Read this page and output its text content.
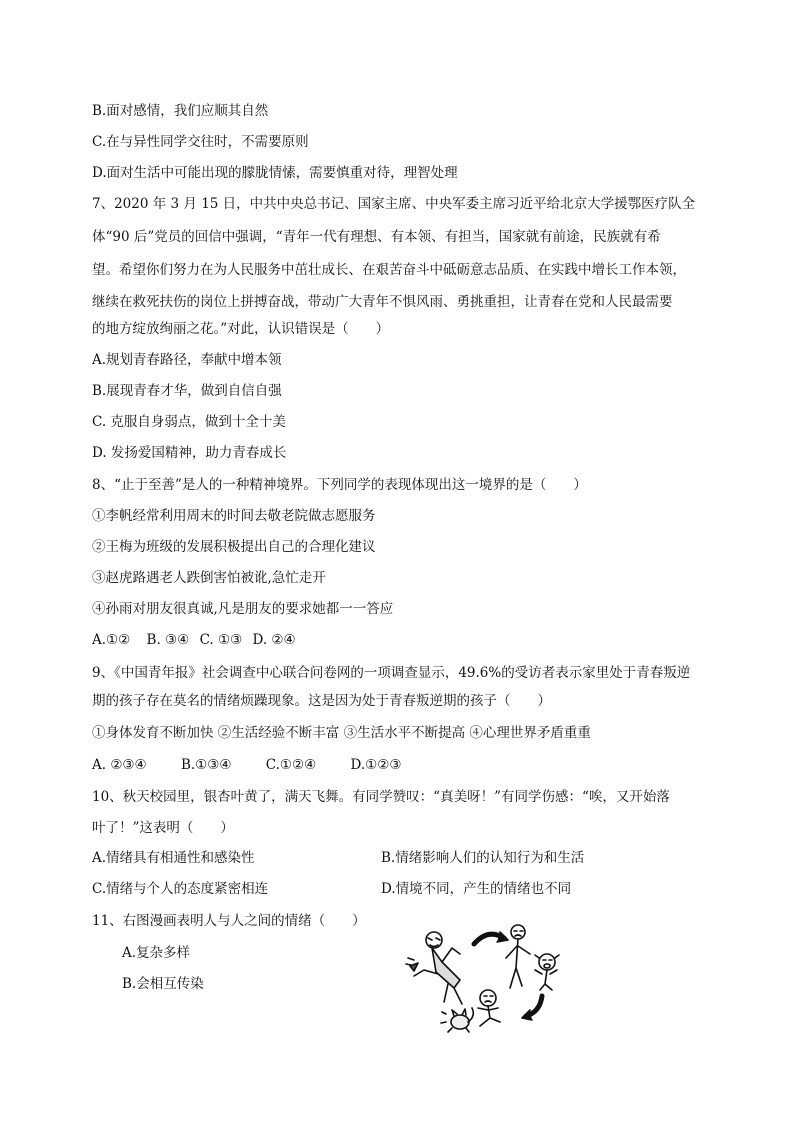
B.面对感情，我们应顺其自然
C.在与异性同学交往时，不需要原则
D.面对生活中可能出现的朦胧情愫，需要慎重对待，理智处理
7、2020 年 3 月 15 日，中共中央总书记、国家主席、中央军委主席习近平给北京大学援鄂医疗队全
体“90 后”党员的回信中强调，“青年一代有理想、有本领、有担当，国家就有前途，民族就有希
望。希望你们努力在为人民服务中茁壮成长、在艰苦奋斗中砥砺意志品质、在实践中增长工作本领，
继续在救死扶伤的岗位上拼搏奋战，带动广大青年不惧风雨、勇挑重担，让青春在党和人民最需要
的地方绽放绚丽之花。”对此，认识错误是（　　）
A.规划青春路径，奉献中增本领
B.展现青春才华，做到自信自强
C. 克服自身弱点，做到十全十美
D. 发扬爱国精神，助力青春成长
8、“止于至善”是人的一种精神境界。下列同学的表现体现出这一境界的是（　　）
①李帆经常利用周末的时间去敬老院做志愿服务
②王梅为班级的发展积极提出自己的合理化建议
③赵虎路遇老人跌倒害怕被讹,急忙走开
④孙雨对朋友很真诚,凡是朋友的要求她都一一答应
A.①② B. ③④ C. ①③ D. ②④
9、《中国青年报》社会调查中心联合问卷网的一项调查显示，49.6%的受访者表示家里处于青春叛逆
期的孩子存在莫名的情绪烦躁现象。这是因为处于青春叛逆期的孩子（　　）
①身体发育不断加快 ②生活经验不断丰富 ③生活水平不断提高 ④心理世界矛盾重重
A. ②③④	B.①③④	C.①②④	D.①②③
10、秋天校园里，银杏叶黄了，满天飞舞。有同学赞叹：“真美呀！”有同学伤感：“唉，又开始落
叶了！”这表明（　　）
A.情绪具有相通性和感染性	B.情绪影响人们的认知行为和生活
C.情绪与个人的态度紧密相连	D.情境不同，产生的情绪也不同
11、右图漫画表明人与人之间的情绪（　　）
A.复杂多样
B.会相互传染
